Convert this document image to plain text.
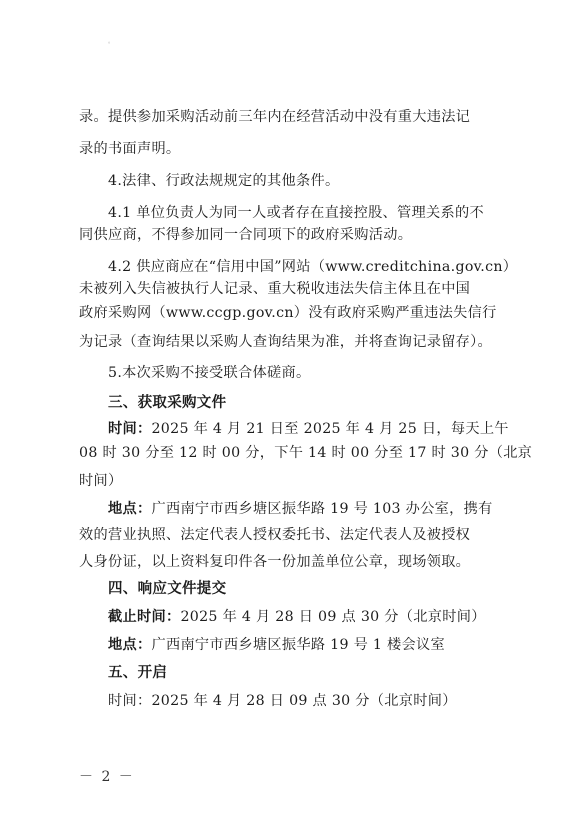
。
录。提供参加采购活动前三年内在经营活动中没有重大违法记
录的书面声明。
4.法律、行政法规规定的其他条件。
4.1 单位负责人为同一人或者存在直接控股、管理关系的不
同供应商，不得参加同一合同项下的政府采购活动。
4.2 供应商应在“信用中国”网站（www.creditchina.gov.cn）
未被列入失信被执行人记录、重大税收违法失信主体且在中国
政府采购网（www.ccgp.gov.cn）没有政府采购严重违法失信行
为记录（查询结果以采购人查询结果为准，并将查询记录留存）。
5.本次采购不接受联合体磋商。
三、获取采购文件
时间：2025 年 4 月 21 日至 2025 年 4 月 25 日，每天上午
08 时 30 分至 12 时 00 分，下午 14 时 00 分至 17 时 30 分（北京
时间）
地点：广西南宁市西乡塘区振华路 19 号 103 办公室，携有
效的营业执照、法定代表人授权委托书、法定代表人及被授权
人身份证，以上资料复印件各一份加盖单位公章，现场领取。
四、响应文件提交
截止时间：2025 年 4 月 28 日 09 点 30 分（北京时间）
地点：广西南宁市西乡塘区振华路 19 号 1 楼会议室
五、开启
时间：2025 年 4 月 28 日 09 点 30 分（北京时间）
－ 2 －
